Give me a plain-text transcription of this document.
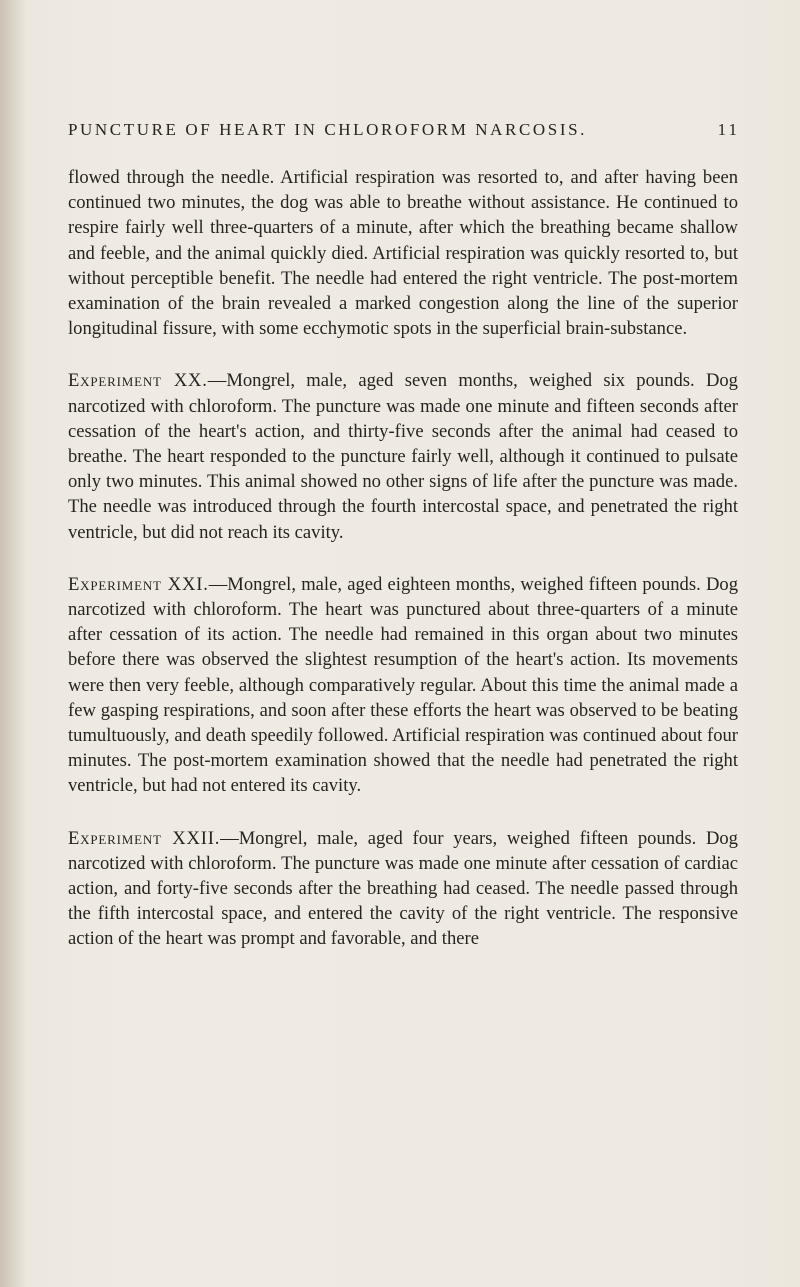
PUNCTURE OF HEART IN CHLOROFORM NARCOSIS.	11

flowed through the needle. Artificial respiration was resorted to, and after having been continued two minutes, the dog was able to breathe without assistance. He continued to respire fairly well three-quarters of a minute, after which the breathing became shallow and feeble, and the animal quickly died. Artificial respiration was quickly resorted to, but without perceptible benefit. The needle had entered the right ventricle. The post-mortem examination of the brain revealed a marked congestion along the line of the superior longitudinal fissure, with some ecchymotic spots in the superficial brain-substance.

Experiment XX.—Mongrel, male, aged seven months, weighed six pounds. Dog narcotized with chloroform. The puncture was made one minute and fifteen seconds after cessation of the heart's action, and thirty-five seconds after the animal had ceased to breathe. The heart responded to the puncture fairly well, although it continued to pulsate only two minutes. This animal showed no other signs of life after the puncture was made. The needle was introduced through the fourth intercostal space, and penetrated the right ventricle, but did not reach its cavity.

Experiment XXI.—Mongrel, male, aged eighteen months, weighed fifteen pounds. Dog narcotized with chloroform. The heart was punctured about three-quarters of a minute after cessation of its action. The needle had remained in this organ about two minutes before there was observed the slightest resumption of the heart's action. Its movements were then very feeble, although comparatively regular. About this time the animal made a few gasping respirations, and soon after these efforts the heart was observed to be beating tumultuously, and death speedily followed. Artificial respiration was continued about four minutes. The post-mortem examination showed that the needle had penetrated the right ventricle, but had not entered its cavity.

Experiment XXII.—Mongrel, male, aged four years, weighed fifteen pounds. Dog narcotized with chloroform. The puncture was made one minute after cessation of cardiac action, and forty-five seconds after the breathing had ceased. The needle passed through the fifth intercostal space, and entered the cavity of the right ventricle. The responsive action of the heart was prompt and favorable, and there
